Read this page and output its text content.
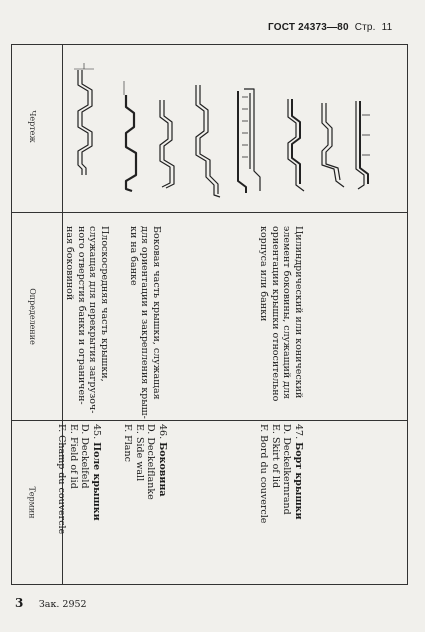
ГОСТ 24373—80 Стр. 11
Чертеж
Определение
Термин
45. Поле крышки
D. Deckelfeld
E. Field of lid
F. Champ du couvercle
Плоскосредняя часть крышки,
служащая для перекрытия загрузоч-
ного отверстия банки и ограничен-
ная боковиной
46. Боковина
D. Deckelflanke
E. Side wall
F. Flanc
Боковая часть крышки, служащая
для ориентации и закрепления крыш-
ки на банке
47. Борт крышки
D. Deckelkernrand
E. Skirt of lid
F. Bord du couvercle
Цилиндрический или конический
элемент боковины, служащий для
ориентации крышки относительно
корпуса или банки
3 Зак. 2952
